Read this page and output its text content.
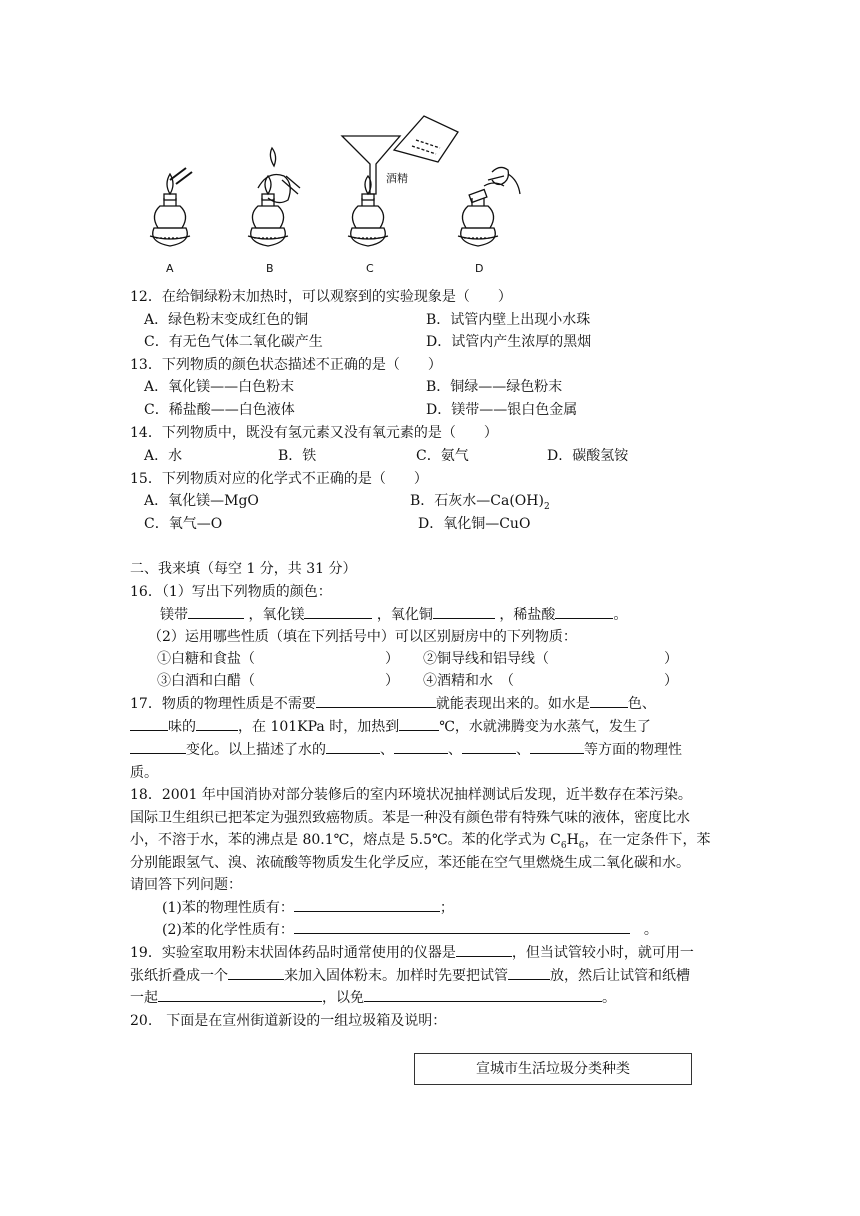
酒精
A	B	C	D
12．在给铜绿粉末加热时，可以观察到的实验现象是（　　）
A．绿色粉末变成红色的铜	B．试管内壁上出现小水珠
C．有无色气体二氧化碳产生	D．试管内产生浓厚的黑烟
13．下列物质的颜色状态描述不正确的是（　　）
A．氧化镁——白色粉末	B．铜绿——绿色粉末
C．稀盐酸——白色液体	D．镁带——银白色金属
14．下列物质中，既没有氢元素又没有氧元素的是（　　）
A．水	B．铁	C．氨气	D．碳酸氢铵
15．下列物质对应的化学式不正确的是（　　）
A．氧化镁—MgO	B．石灰水$—Ca(OH)_2$
C．氧气—O	D．氧化铜—CuO
二、我来填（每空 1 分，共 31 分）
16．（1）写出下列物质的颜色：
镁带	，氧化镁	，氧化铜	，稀盐酸	。
（2）运用哪些性质（填在下列括号中）可以区别厨房中的下列物质：
①白糖和食盐（	） ②铜导线和铝导线（	）
③白酒和白醋（	） ④酒精和水　（	）
17．物质的物理性质是不需要	就能表现出来的。如水是	色、
味的	，在 101KPa 时，加热到	℃，水就沸腾变为水蒸气，发生了
变化。以上描述了水的	、	、	、	等方面的物理性
质。
18．2001 年中国消协对部分装修后的室内环境状况抽样测试后发现，近半数存在苯污染。
国际卫生组织已把苯定为强烈致癌物质。苯是一种没有颜色带有特殊气味的液体，密度比水
小，不溶于水，苯的沸点是 80.1℃，熔点是 5.5℃。苯的化学式为 $C_6H_6$，在一定条件下，苯
分别能跟氢气、溴、浓硫酸等物质发生化学反应，苯还能在空气里燃烧生成二氧化碳和水。
请回答下列问题：
(1)苯的物理性质有：	；
(2)苯的化学性质有：　	。
19．实验室取用粉末状固体药品时通常使用的仪器是	，但当试管较小时，就可用一
张纸折叠成一个	来加入固体粉末。加样时先要把试管	放，然后让试管和纸槽
一起	，以免	。
20.　下面是在宣州街道新设的一组垃圾箱及说明：
宣城市生活垃圾分类种类
